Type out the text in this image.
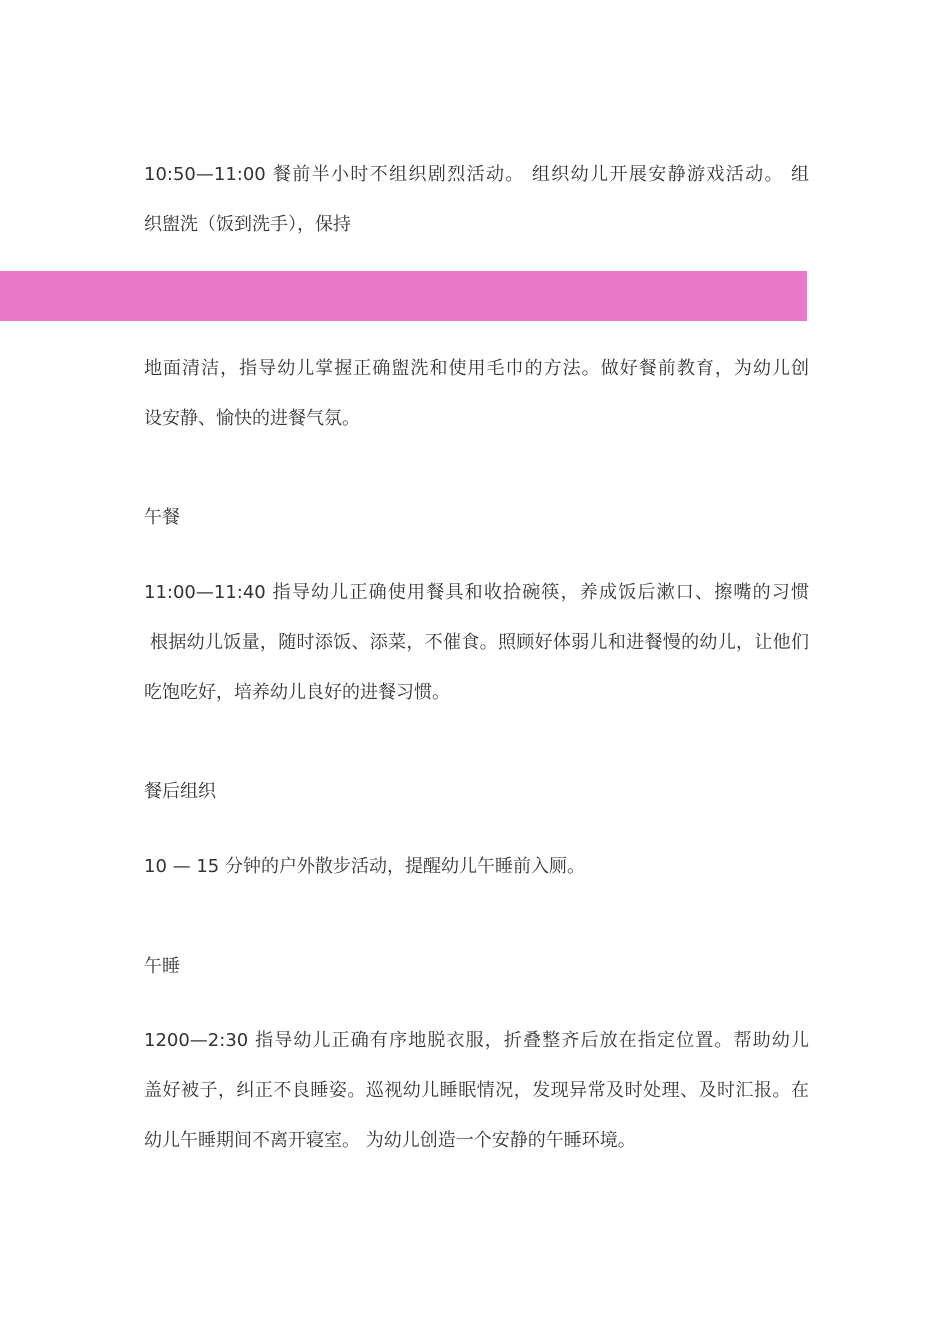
10:50—11:00 餐前半小时不组织剧烈活动。 组织幼儿开展安静游戏活动。 组
织盥洗（饭到洗手），保持
地面清洁，指导幼儿掌握正确盥洗和使用毛巾的方法。做好餐前教育，为幼儿创
设安静、愉快的进餐气氛。
午餐
11:00—11:40 指导幼儿正确使用餐具和收拾碗筷，养成饭后漱口、擦嘴的习惯
根据幼儿饭量，随时添饭、添菜，不催食。照顾好体弱儿和进餐慢的幼儿，让他们
吃饱吃好，培养幼儿良好的进餐习惯。
餐后组织
10 — 15 分钟的户外散步活动，提醒幼儿午睡前入厕。
午睡
1200—2:30 指导幼儿正确有序地脱衣服，折叠整齐后放在指定位置。帮助幼儿
盖好被子，纠正不良睡姿。巡视幼儿睡眠情况，发现异常及时处理、及时汇报。在
幼儿午睡期间不离开寝室。 为幼儿创造一个安静的午睡环境。
